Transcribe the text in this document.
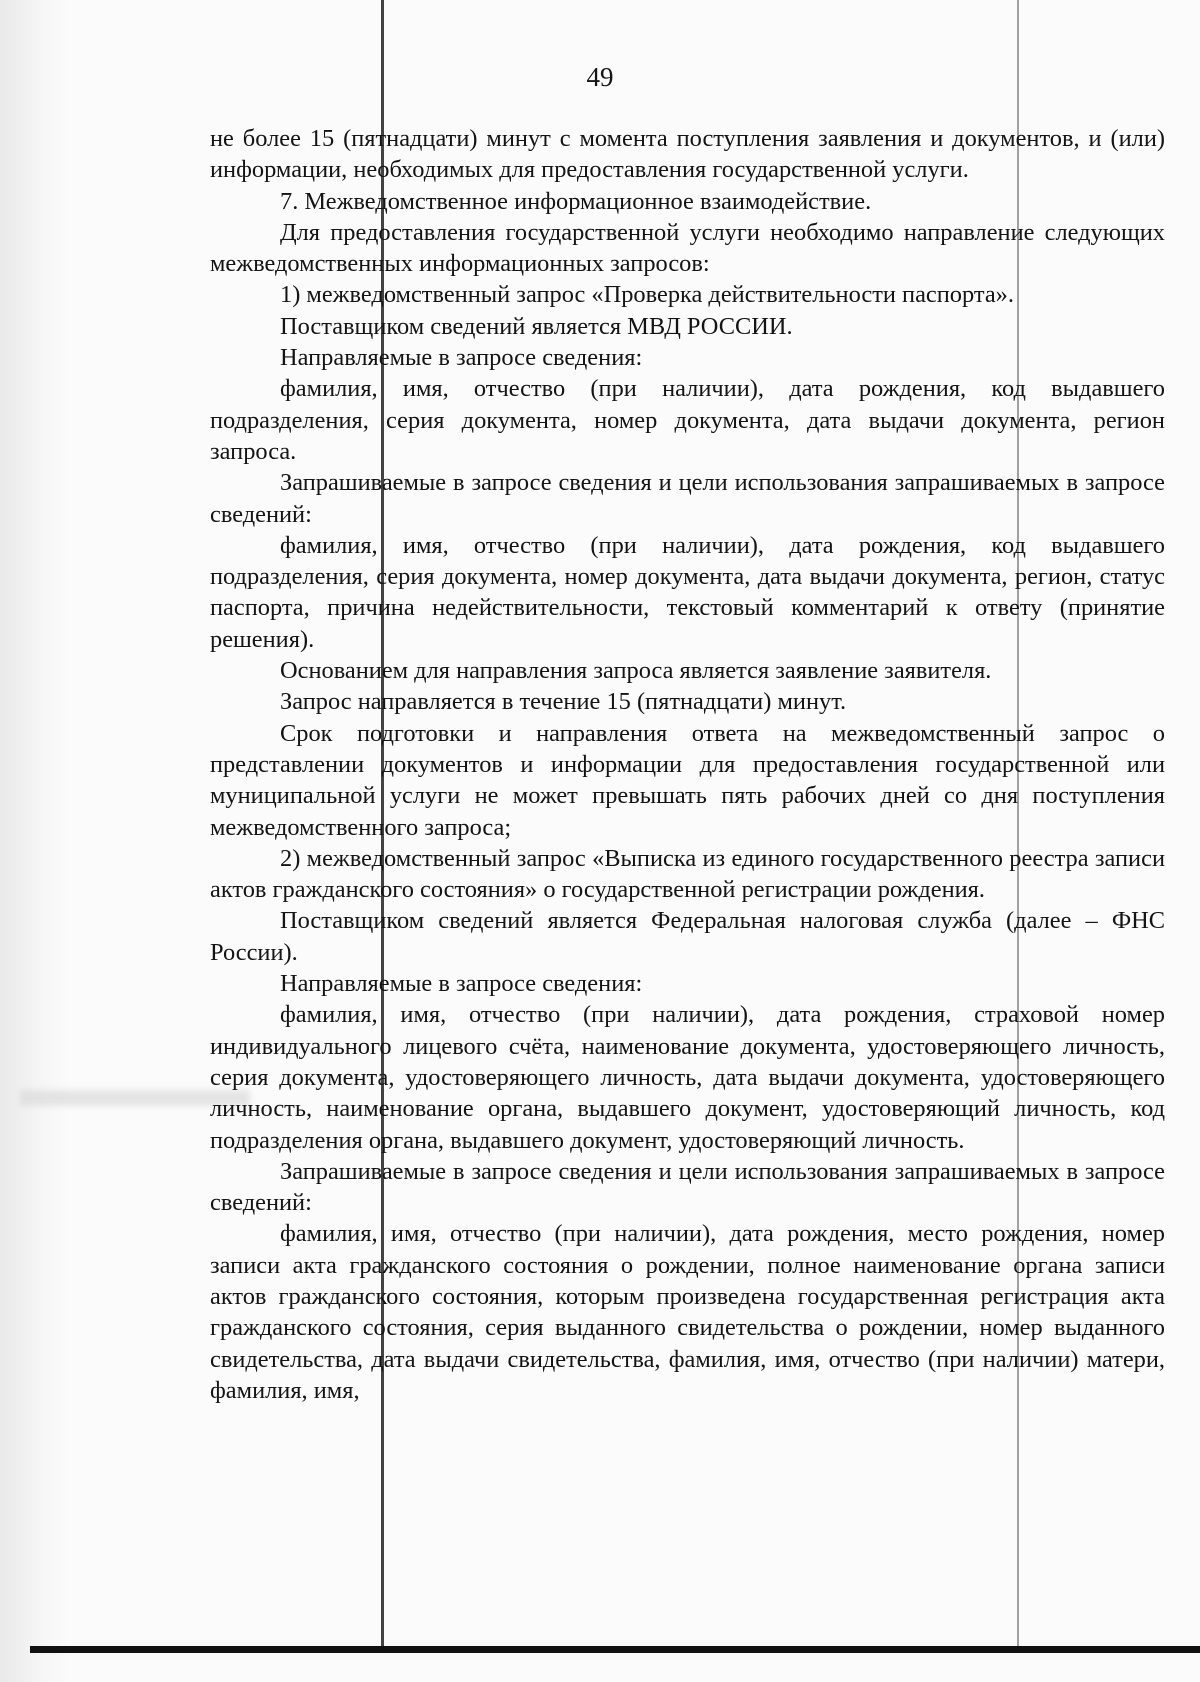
49

не более 15 (пятнадцати) минут с момента поступления заявления и документов, и (или) информации, необходимых для предоставления государственной услуги.

7. Межведомственное информационное взаимодействие.

Для предоставления государственной услуги необходимо направление следующих межведомственных информационных запросов:

1) межведомственный запрос «Проверка действительности паспорта».

Поставщиком сведений является МВД РОССИИ.

Направляемые в запросе сведения:

фамилия, имя, отчество (при наличии), дата рождения, код выдавшего подразделения, серия документа, номер документа, дата выдачи документа, регион запроса.

Запрашиваемые в запросе сведения и цели использования запрашиваемых в запросе сведений:

фамилия, имя, отчество (при наличии), дата рождения, код выдавшего подразделения, серия документа, номер документа, дата выдачи документа, регион, статус паспорта, причина недействительности, текстовый комментарий к ответу (принятие решения).

Основанием для направления запроса является заявление заявителя.

Запрос направляется в течение 15 (пятнадцати) минут.

Срок подготовки и направления ответа на межведомственный запрос о представлении документов и информации для предоставления государственной или муниципальной услуги не может превышать пять рабочих дней со дня поступления межведомственного запроса;

2) межведомственный запрос «Выписка из единого государственного реестра записи актов гражданского состояния» о государственной регистрации рождения.

Поставщиком сведений является Федеральная налоговая служба (далее – ФНС России).

Направляемые в запросе сведения:

фамилия, имя, отчество (при наличии), дата рождения, страховой номер индивидуального лицевого счёта, наименование документа, удостоверяющего личность, серия документа, удостоверяющего личность, дата выдачи документа, удостоверяющего личность, наименование органа, выдавшего документ, удостоверяющий личность, код подразделения органа, выдавшего документ, удостоверяющий личность.

Запрашиваемые в запросе сведения и цели использования запрашиваемых в запросе сведений:

фамилия, имя, отчество (при наличии), дата рождения, место рождения, номер записи акта гражданского состояния о рождении, полное наименование органа записи актов гражданского состояния, которым произведена государственная регистрация акта гражданского состояния, серия выданного свидетельства о рождении, номер выданного свидетельства, дата выдачи свидетельства, фамилия, имя, отчество (при наличии) матери, фамилия, имя,
